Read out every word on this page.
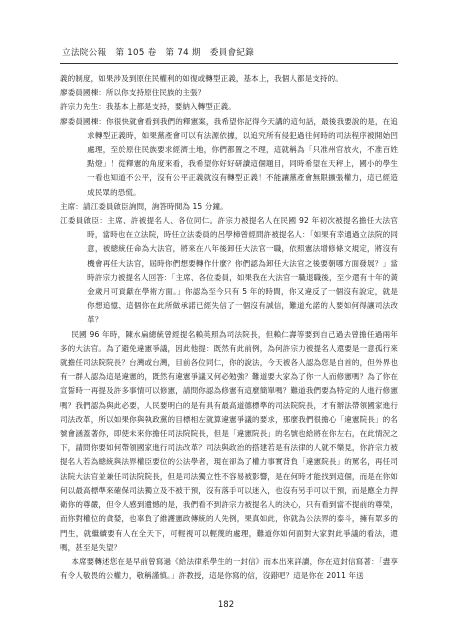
立法院公報　第 105 卷　第 74 期　委員會紀錄

義的制度，如果涉及到原住民權利的如復或轉型正義，基本上，我個人都是支持的。

廖委員國棟：所以你支持原住民族的主張？

許宗力先生：我基本上都是支持，要納入轉型正義。

廖委員國棟：你很快就會看到我們的釋憲案，我希望你記得今天講的這句話，最後我要說的是，在追求轉型正義時，如果黨產會可以有法源依據，以追究所有侵犯過往何時的司法程序被開始凹處理，至於原住民族要求經濟土地，你們都置之不理，這就稱為「只准州官放火，不准百姓點燈」！從釋憲的角度來看，我希望你好好研讀這個題目，同時希望在天秤上，國小的學生一看也知道不公平，沒有公平正義就沒有轉型正義！不能讓黨產會無限擴張權力，這已經造成民眾的恐慌。

主席：請江委員啟臣詢問，詢答時間為 15 分鐘。

江委員啟臣：主席、許被提名人、各位同仁。許宗力被提名人在民國 92 年初次被提名擔任大法官時，當時也在立法院，時任立法委員的呂學樟曾經問許被提名人：「如果有幸通過立法院的同意，被總統任命為大法官，將來在八年後卸任大法官一職，依照憲法增修條文規定，將沒有機會再任大法官，屆時你們想要轉作什麼？你們認為卸任大法官之後要朝哪方面發展？」當時許宗力被提名人回答：「主席、各位委員，如果我在大法官一職退職後，至少還有十年的黃金歲月可貢獻在學術方面。」你認為至今只有 5 年的時間，你又違反了一個沒有說定，就是你想追憶、這個你在此所做承諾已經失信了一個沒有誠信，難道允諾的人要如何得讓司法改革？

民國 96 年時，陳水扁總統曾經提名賴英照為司法院長，但賴仁壽等要到自己過去曾擔任過兩年多的大法官。為了避免違憲爭議，因此他提：既然有此前例，為何許宗力被提名人還要是一意孤行來就擔任司法院院長？台灣或台灣，目前各位同仁，你的說法，今天被各人認為您是自首的，但外界也有一群人認為這是違憲的，既然有違憲爭議又何必勉強？難道要大家為了你一人而修憲嗎？為了你在宣誓時一再提及許多事情可以修憲，請問你認為修憲有這麼簡單嗎？難道我們要為特定的人進行修憲嗎？我們認為與此必要，人民要明白的是有具有最高道德標準的司法院院長，才有辦法帶領國家進行司法改革，所以如果你與執政黨的目標相左就算違憲爭議的要求，那麼我們很擔心「違憲院長」的名號會涵蓋著你，即使未來你擔任司法院院長，但是「違憲院長」的名號也給將在你左右，在此情況之下，請問你要如何帶領國家進行司法改革？司法與政治的搭建若是有法律的人就不樂見，你許宗力被提名人若為總統與法界權臣要位的公法學者，現在卻為了權力事實背負「違憲院長」的罵名，再任司法院大法官並兼任司法院院長，但是司法獨立性不容易被影響，是在何時才能找到這個，而是在你如何以最高標準來確保司法獨立及不被干預，沒有落手可以迷入，也沒有另手可以干預，而是應全力捍衛你的尊嚴，但令人感到遺憾的是，我們看不到許宗力被提名人的決心，只有看到當不提前的尊榮，而你對權位的貪婪，也辜負了維護憲政傳統的人先例，果真如此，你就為公法界的泰斗，擁有眾多的門生，就繼續要有人在全天下，可輕視可以輕蔑的處理，難道你如何面對大家對此爭議的看法，還嗎，甚至是失望？

本席要轉述您在是早前曾寫過《給法律系學生的一封信》而本出來詳讀，你在這封信寫著：「盡享有令人敬畏的公權力，敬稱謹慎。」許教授，這是你寫的信，沒錯吧？這是你在 2011 年送

182
